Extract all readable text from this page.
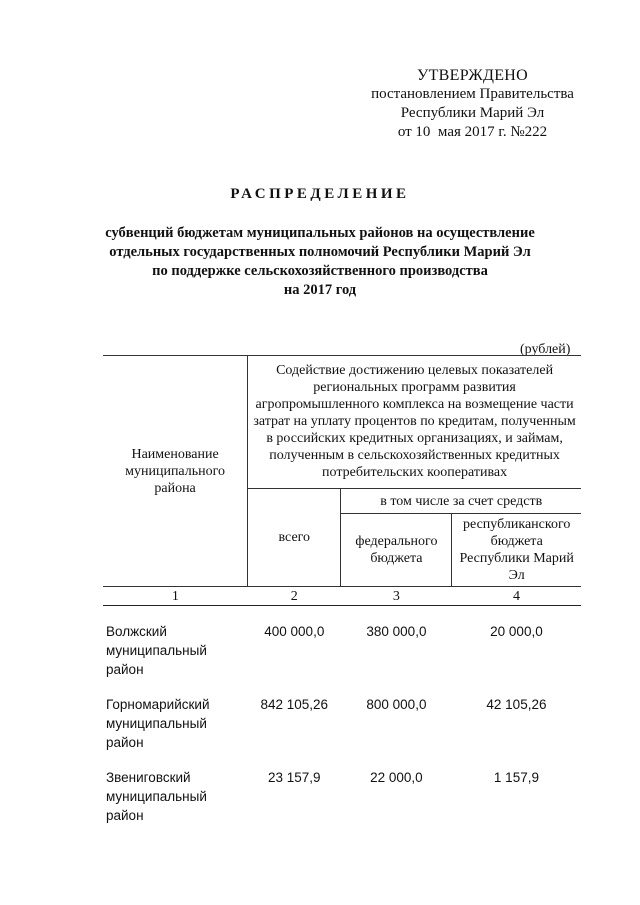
УТВЕРЖДЕНО
постановлением Правительства
Республики Марий Эл
от 10  мая 2017 г. №222
РАСПРЕДЕЛЕНИЕ
субвенций бюджетам муниципальных районов на осуществление
отдельных государственных полномочий Республики Марий Эл
по поддержке сельскохозяйственного производства
на 2017 год
(рублей)
Наименование муниципального района	Содействие достижению целевых показателей региональных программ развития агропромышленного комплекса на возмещение части затрат на уплату процентов по кредитам, полученным в российских кредитных организациях, и займам, полученным в сельскохозяйственных кредитных потребительских кооперативах		
	всего	в том числе за счет средств	
		федерального бюджета	республиканского бюджета Республики Марий Эл
1	2	3	4
Волжский муниципальный район	400 000,0	380 000,0	20 000,0
Горномарийский муниципальный район	842 105,26	800 000,0	42 105,26
Звениговский муниципальный район	23 157,9	22 000,0	1 157,9
